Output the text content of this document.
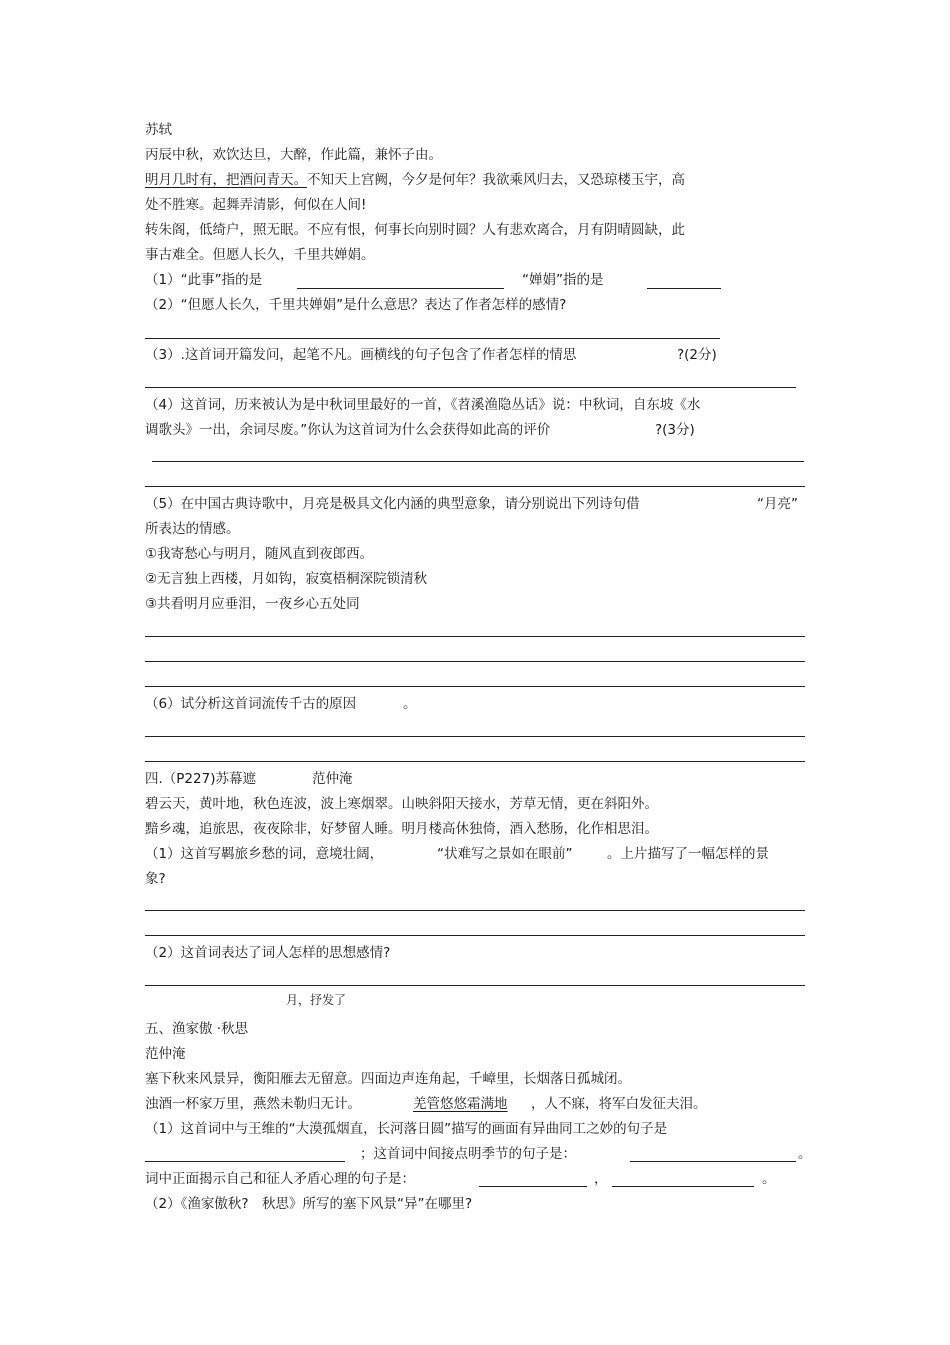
苏轼
丙辰中秋，欢饮达旦，大醉，作此篇，兼怀子由。
明月几时有，把酒问青天。不知天上宫阙，今夕是何年？我欲乘风归去，又恐琼楼玉宇，高
处不胜寒。起舞弄清影，何似在人间!
转朱阁，低绮户，照无眠。不应有恨，何事长向别时圆？人有悲欢离合，月有阴晴圆缺，此
事古难全。但愿人长久，千里共婵娟。
（1）“此事”指的是	“婵娟”指的是
（2）“但愿人长久，千里共婵娟”是什么意思？表达了作者怎样的感情?
（3）.这首词开篇发问，起笔不凡。画横线的句子包含了作者怎样的情思	?(2分)
（4）这首词，历来被认为是中秋词里最好的一首，《苕溪渔隐丛话》说：中秋词，自东坡《水
调歌头》一出，余词尽废。”你认为这首词为什么会获得如此高的评价	?(3分)
（5）在中国古典诗歌中，月亮是极具文化内涵的典型意象，请分别说出下列诗句借	“月亮”
所表达的情感。
①我寄愁心与明月，随风直到夜郎西。
②无言独上西楼，月如钩，寂寞梧桐深院锁清秋
③共看明月应垂泪，一夜乡心五处同
（6）试分析这首词流传千古的原因	。
四.（P227)苏幕遮	范仲淹
碧云天，黄叶地，秋色连波，波上寒烟翠。山映斜阳天接水，芳草无情，更在斜阳外。
黯乡魂，追旅思，夜夜除非，好梦留人睡。明月楼高休独倚，酒入愁肠，化作相思泪。
（1）这首写羁旅乡愁的词，意境壮阔，	“状难写之景如在眼前”	。上片描写了一幅怎样的景
象?
（2）这首词表达了词人怎样的思想感情?
月，抒发了
五、渔家傲 ·秋思
范仲淹
塞下秋来风景异，衡阳雁去无留意。四面边声连角起，千嶂里，长烟落日孤城闭。
浊酒一杯家万里，燕然未勒归无计。	羌管悠悠霜满地 ，人不寐，将军白发征夫泪。
（1）这首词中与王维的“大漠孤烟直，长河落日圆”描写的画面有异曲同工之妙的句子是
；这首词中间接点明季节的句子是：	。
词中正面揭示自己和征人矛盾心理的句子是：	，	。
（2）《渔家傲秋?　秋思》所写的塞下风景“异”在哪里?
